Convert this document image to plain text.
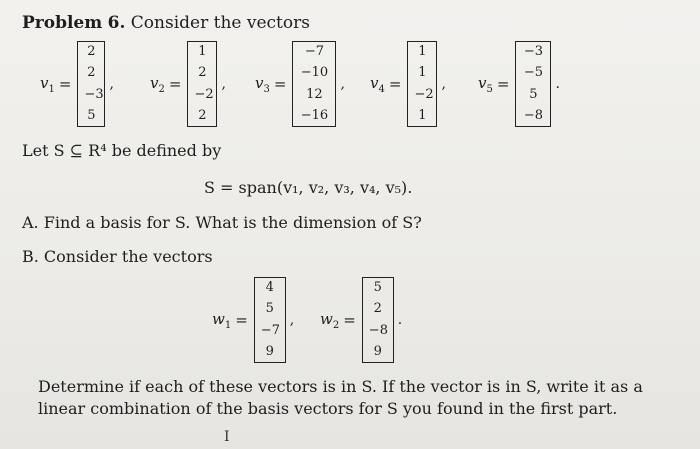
Problem 6. Consider the vectors
$v_1$ =
2
2
−3
5
, $v_2$ =
1
2
−2
2
, $v_3$ =
−7
−10
12
−16
, $v_4$ =
1
1
−2
1
, $v_5$ =
−3
−5
5
−8
.
Let S ⊆ R⁴ be defined by
S = span(v₁, v₂, v₃, v₄, v₅).
A. Find a basis for S. What is the dimension of S?
B. Consider the vectors
$w_1$ =
4
5
−7
9
, $w_2$ =
5
2
−8
9
.
Determine if each of these vectors is in S. If the vector is in S, write it as a
linear combination of the basis vectors for S you found in the first part.
I
